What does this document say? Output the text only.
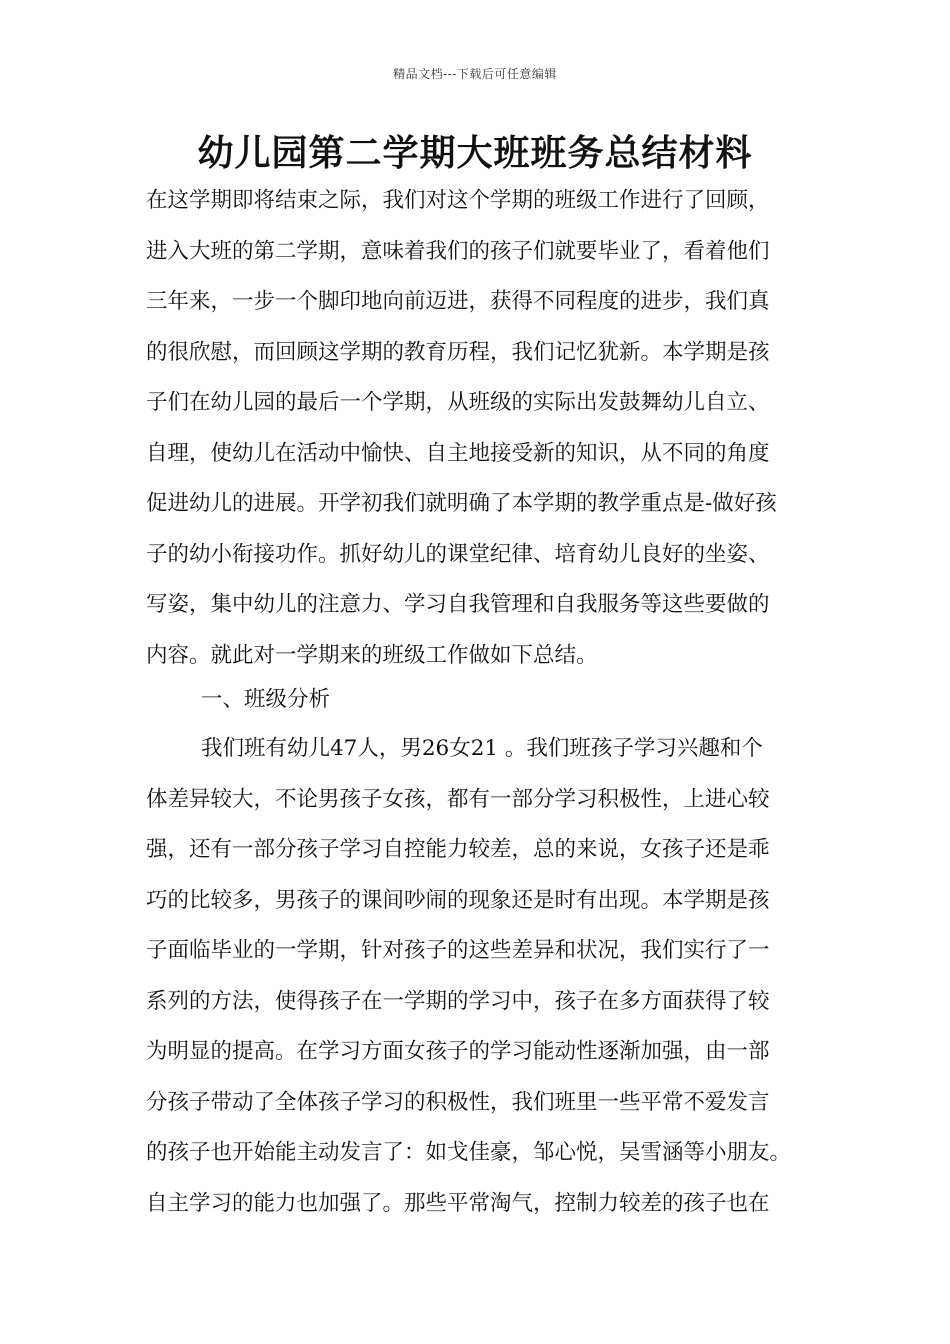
精品文档---下载后可任意编辑
幼儿园第二学期大班班务总结材料
在这学期即将结束之际，我们对这个学期的班级工作进行了回顾，
进入大班的第二学期，意味着我们的孩子们就要毕业了，看着他们
三年来，一步一个脚印地向前迈进，获得不同程度的进步，我们真
的很欣慰，而回顾这学期的教育历程，我们记忆犹新。本学期是孩
子们在幼儿园的最后一个学期，从班级的实际出发鼓舞幼儿自立、
自理，使幼儿在活动中愉快、自主地接受新的知识，从不同的角度
促进幼儿的进展。开学初我们就明确了本学期的教学重点是-做好孩
子的幼小衔接功作。抓好幼儿的课堂纪律、培育幼儿良好的坐姿、
写姿，集中幼儿的注意力、学习自我管理和自我服务等这些要做的
内容。就此对一学期来的班级工作做如下总结。
一、班级分析
我们班有幼儿47人，男26女21 。我们班孩子学习兴趣和个
体差异较大，不论男孩子女孩，都有一部分学习积极性，上进心较
强，还有一部分孩子学习自控能力较差，总的来说，女孩子还是乖
巧的比较多，男孩子的课间吵闹的现象还是时有出现。本学期是孩
子面临毕业的一学期，针对孩子的这些差异和状况，我们实行了一
系列的方法，使得孩子在一学期的学习中，孩子在多方面获得了较
为明显的提高。在学习方面女孩子的学习能动性逐渐加强，由一部
分孩子带动了全体孩子学习的积极性，我们班里一些平常不爱发言
的孩子也开始能主动发言了：如戈佳豪，邹心悦，吴雪涵等小朋友。
自主学习的能力也加强了。那些平常淘气，控制力较差的孩子也在
